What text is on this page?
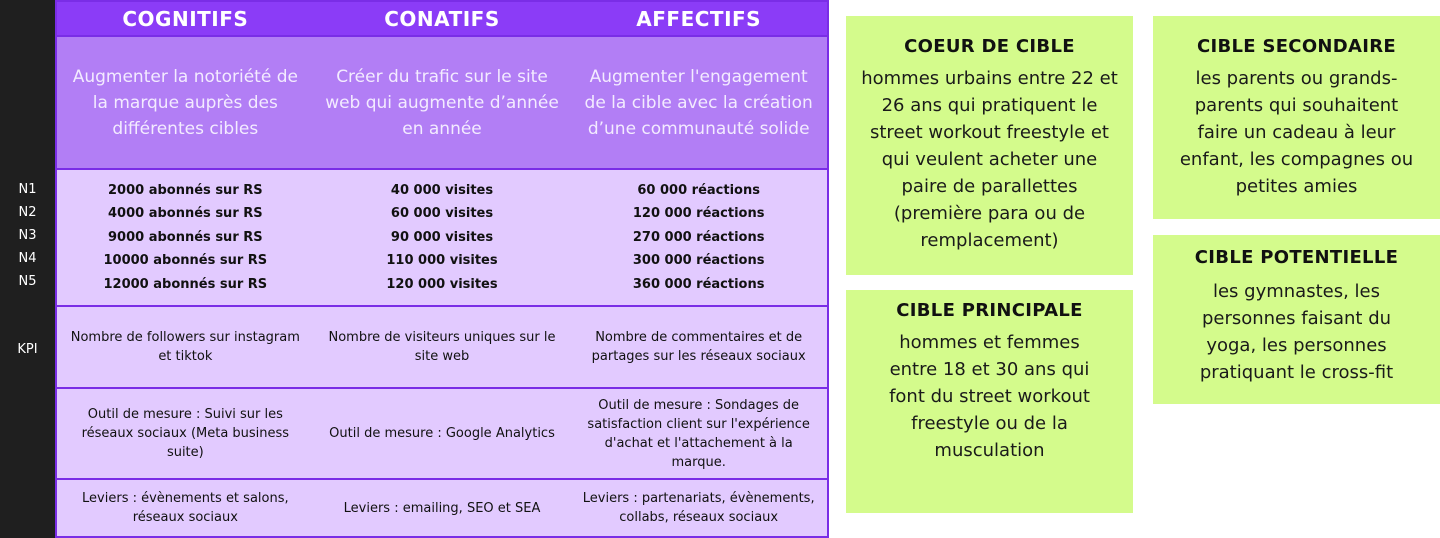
N1
N2
N3
N4
N5
KPI
COGNITIFS	CONATIFS	AFFECTIFS
Augmenter la notoriété de la marque auprès des différentes cibles
Créer du trafic sur le site web qui augmente d’année en année
Augmenter l'engagement de la cible avec la création d’une communauté solide
2000 abonnés sur RS
4000 abonnés sur RS
9000 abonnés sur RS
10000 abonnés sur RS
12000 abonnés sur RS
40 000 visites
60 000 visites
90 000 visites
110 000 visites
120 000 visites
60 000 réactions
120 000 réactions
270 000 réactions
300 000 réactions
360 000 réactions
Nombre de followers sur instagram et tiktok
Nombre de visiteurs uniques sur le site web
Nombre de commentaires et de partages sur les réseaux sociaux
Outil de mesure : Suivi sur les réseaux sociaux (Meta business suite)
Outil de mesure : Google Analytics
Outil de mesure : Sondages de satisfaction client sur l'expérience d'achat et l'attachement à la marque.
Leviers : évènements et salons, réseaux sociaux
Leviers : emailing, SEO et SEA
Leviers : partenariats, évènements, collabs, réseaux sociaux
COEUR DE CIBLE

hommes urbains entre 22 et 26 ans qui pratiquent le street workout freestyle et qui veulent acheter une paire de parallettes (première para ou de remplacement)

CIBLE PRINCIPALE

hommes et femmes entre 18 et 30 ans qui font du street workout freestyle ou de la musculation

CIBLE SECONDAIRE

les parents ou grands-parents qui souhaitent faire un cadeau à leur enfant, les compagnes ou petites amies

CIBLE POTENTIELLE

les gymnastes, les personnes faisant du yoga, les personnes pratiquant le cross-fit
